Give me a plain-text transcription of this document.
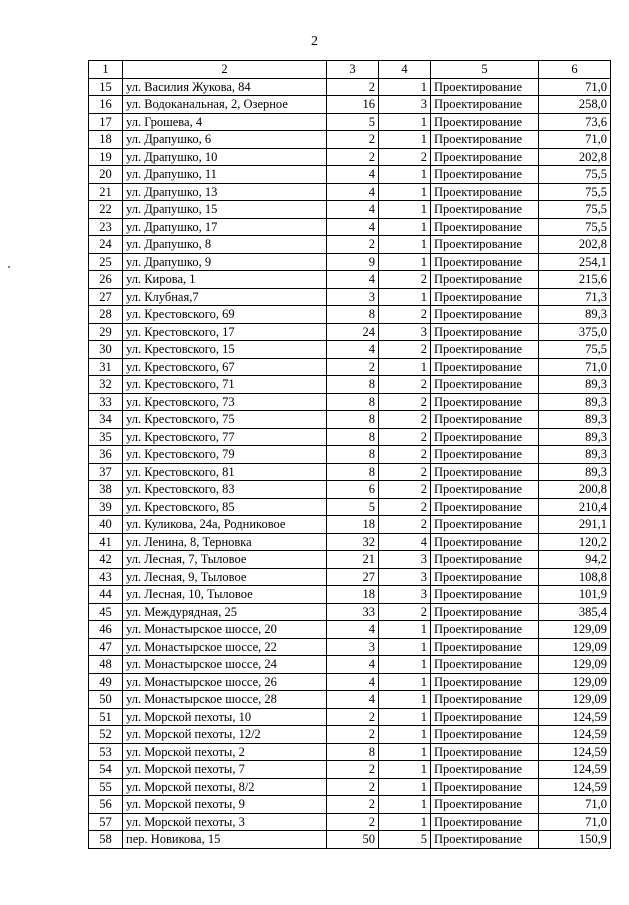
2
1	2	3	4	5	6
15	ул. Василия Жукова, 84	2	1	Проектирование	71,0
16	ул. Водоканальная, 2, Озерное	16	3	Проектирование	258,0
17	ул. Грошева, 4	5	1	Проектирование	73,6
18	ул. Драпушко, 6	2	1	Проектирование	71,0
19	ул. Драпушко, 10	2	2	Проектирование	202,8
20	ул. Драпушко, 11	4	1	Проектирование	75,5
21	ул. Драпушко, 13	4	1	Проектирование	75,5
22	ул. Драпушко, 15	4	1	Проектирование	75,5
23	ул. Драпушко, 17	4	1	Проектирование	75,5
24	ул. Драпушко, 8	2	1	Проектирование	202,8
25	ул. Драпушко, 9	9	1	Проектирование	254,1
26	ул. Кирова, 1	4	2	Проектирование	215,6
27	ул. Клубная,7	3	1	Проектирование	71,3
28	ул. Крестовского, 69	8	2	Проектирование	89,3
29	ул. Крестовского, 17	24	3	Проектирование	375,0
30	ул. Крестовского, 15	4	2	Проектирование	75,5
31	ул. Крестовского, 67	2	1	Проектирование	71,0
32	ул. Крестовского, 71	8	2	Проектирование	89,3
33	ул. Крестовского, 73	8	2	Проектирование	89,3
34	ул. Крестовского, 75	8	2	Проектирование	89,3
35	ул. Крестовского, 77	8	2	Проектирование	89,3
36	ул. Крестовского, 79	8	2	Проектирование	89,3
37	ул. Крестовского, 81	8	2	Проектирование	89,3
38	ул. Крестовского, 83	6	2	Проектирование	200,8
39	ул. Крестовского, 85	5	2	Проектирование	210,4
40	ул. Куликова, 24а, Родниковое	18	2	Проектирование	291,1
41	ул. Ленина, 8, Терновка	32	4	Проектирование	120,2
42	ул. Лесная, 7, Тыловое	21	3	Проектирование	94,2
43	ул. Лесная, 9, Тыловое	27	3	Проектирование	108,8
44	ул. Лесная, 10, Тыловое	18	3	Проектирование	101,9
45	ул. Междурядная, 25	33	2	Проектирование	385,4
46	ул. Монастырское шоссе, 20	4	1	Проектирование	129,09
47	ул. Монастырское шоссе, 22	3	1	Проектирование	129,09
48	ул. Монастырское шоссе, 24	4	1	Проектирование	129,09
49	ул. Монастырское шоссе, 26	4	1	Проектирование	129,09
50	ул. Монастырское шоссе, 28	4	1	Проектирование	129,09
51	ул. Морской пехоты, 10	2	1	Проектирование	124,59
52	ул. Морской пехоты, 12/2	2	1	Проектирование	124,59
53	ул. Морской пехоты, 2	8	1	Проектирование	124,59
54	ул. Морской пехоты, 7	2	1	Проектирование	124,59
55	ул. Морской пехоты, 8/2	2	1	Проектирование	124,59
56	ул. Морской пехоты, 9	2	1	Проектирование	71,0
57	ул. Морской пехоты, 3	2	1	Проектирование	71,0
58	пер. Новикова, 15	50	5	Проектирование	150,9
